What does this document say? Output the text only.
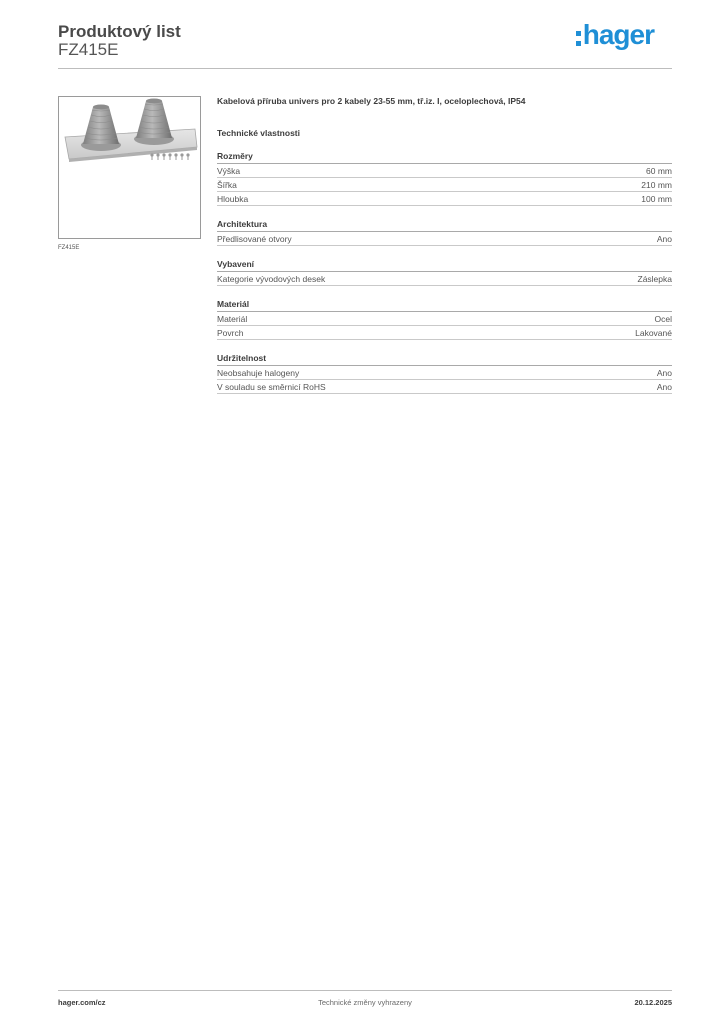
Produktový list
FZ415E	hager
FZ415E
Kabelová příruba univers pro 2 kabely 23-55 mm, tř.iz. I, oceloplechová, IP54
Technické vlastnosti
Rozměry
Výška	60 mm
Šířka	210 mm
Hloubka	100 mm
Architektura
Předlisované otvory	Ano
Vybavení
Kategorie vývodových desek	Záslepka
Materiál
Materiál	Ocel
Povrch	Lakované
Udržitelnost
Neobsahuje halogeny	Ano
V souladu se směrnicí RoHS	Ano
Technické změny vyhrazeny
hager.com/cz	20.12.2025
